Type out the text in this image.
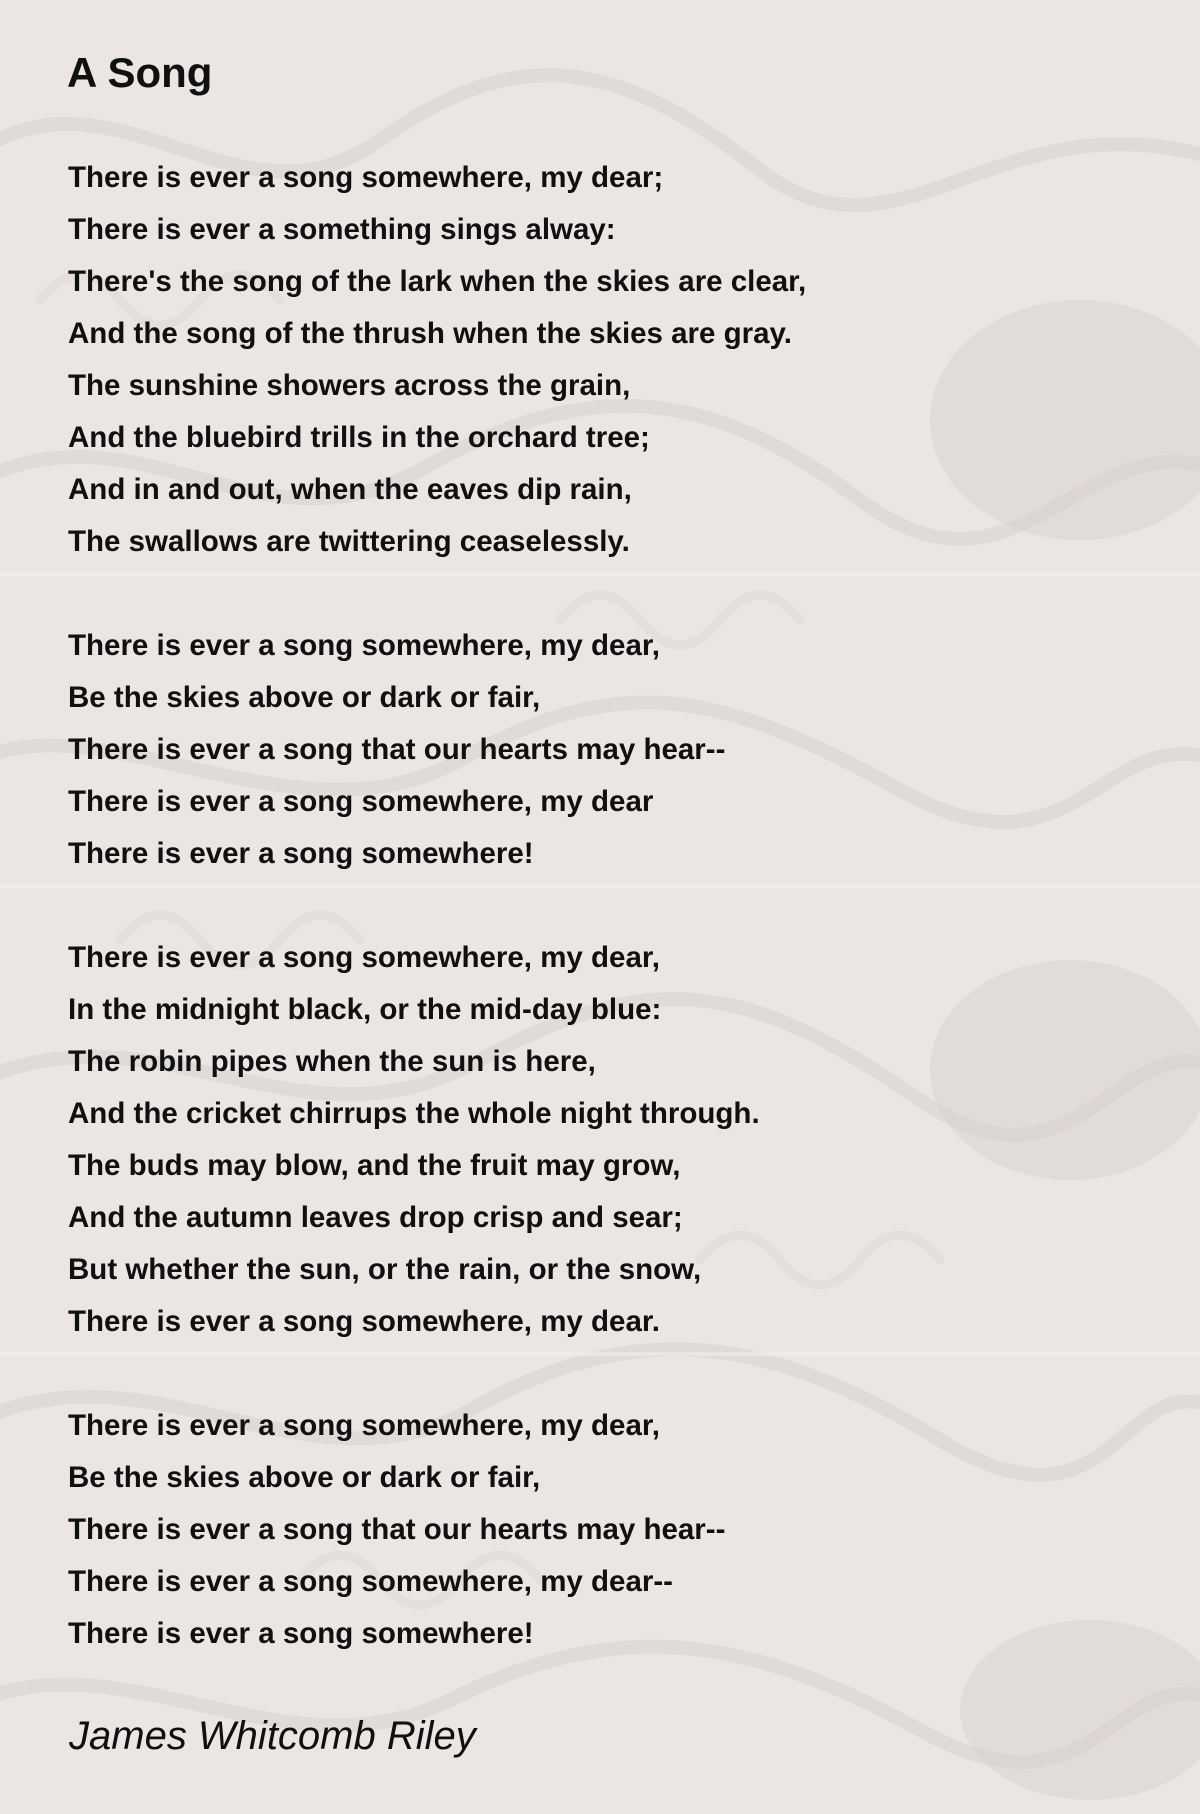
A Song
There is ever a song somewhere, my dear;
There is ever a something sings alway:
There's the song of the lark when the skies are clear,
And the song of the thrush when the skies are gray.
The sunshine showers across the grain,
And the bluebird trills in the orchard tree;
And in and out, when the eaves dip rain,
The swallows are twittering ceaselessly.
There is ever a song somewhere, my dear,
Be the skies above or dark or fair,
There is ever a song that our hearts may hear--
There is ever a song somewhere, my dear
There is ever a song somewhere!
There is ever a song somewhere, my dear,
In the midnight black, or the mid-day blue:
The robin pipes when the sun is here,
And the cricket chirrups the whole night through.
The buds may blow, and the fruit may grow,
And the autumn leaves drop crisp and sear;
But whether the sun, or the rain, or the snow,
There is ever a song somewhere, my dear.
There is ever a song somewhere, my dear,
Be the skies above or dark or fair,
There is ever a song that our hearts may hear--
There is ever a song somewhere, my dear--
There is ever a song somewhere!

James Whitcomb Riley
